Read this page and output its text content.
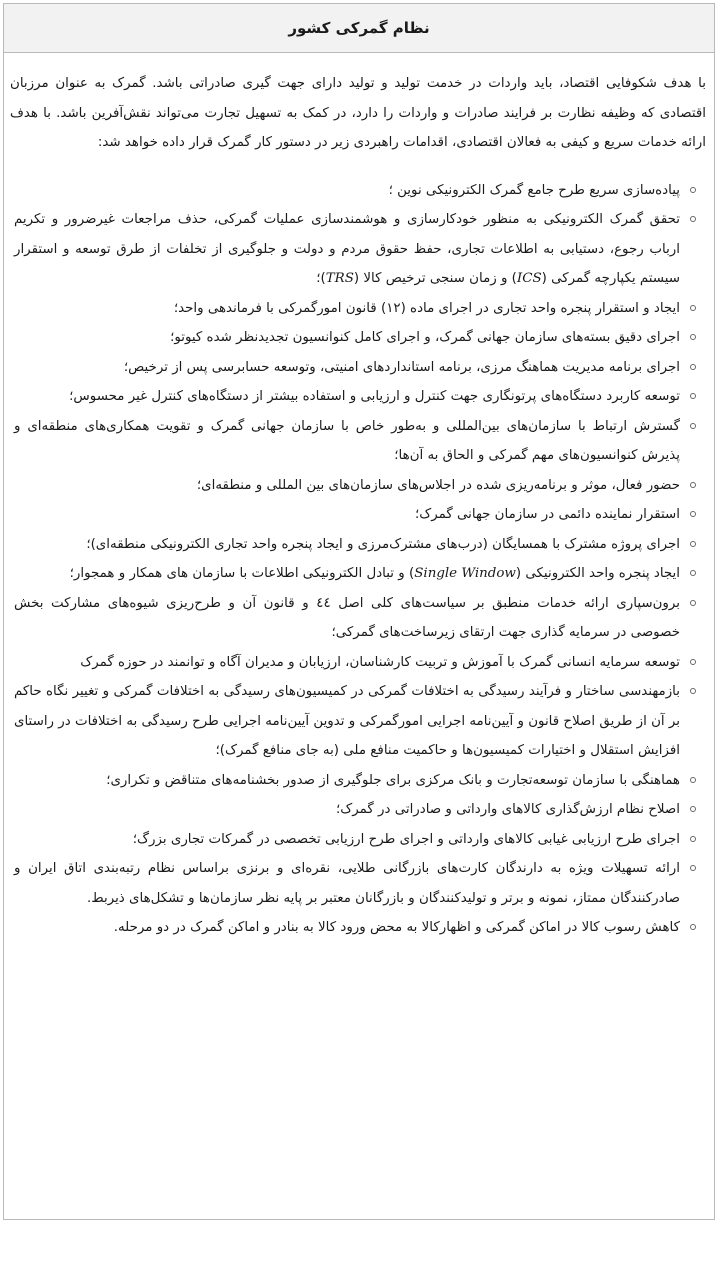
نظام گمرکی کشور

با هدف شکوفایی اقتصاد، باید واردات در خدمت تولید و تولید دارای جهت گیری صادراتی باشد. گمرک به عنوان مرزبان اقتصادی که وظیفه نظارت بر فرایند صادرات و واردات را دارد، در کمک به تسهیل تجارت می‌تواند نقش‌آفرین باشد. با هدف ارائه خدمات سریع و کیفی به فعالان اقتصادی، اقدامات راهبردی زیر در دستور کار گمرک قرار داده خواهد شد:

پیاده‌سازی سریع طرح جامع گمرک الکترونیکی نوین ؛
تحقق گمرک الکترونیکی به منظور خودکارسازی و هوشمندسازی عملیات گمرکی، حذف مراجعات غیرضرور و تکریم ارباب رجوع، دستیابی به اطلاعات تجاری، حفظ حقوق مردم و دولت و جلوگیری از تخلفات از طرق توسعه و استقرار سیستم یکپارچه گمرکی (ICS) و زمان سنجی ترخیص کالا (TRS)؛
ایجاد و استقرار پنجره واحد تجاری در اجرای ماده (۱۲) قانون امورگمرکی با فرماندهی واحد؛
اجرای دقیق بسته‌های سازمان جهانی گمرک، و اجرای کامل کنوانسیون تجدیدنظر شده کیوتو؛
اجرای برنامه مدیریت هماهنگ مرزی، برنامه استانداردهای امنیتی، وتوسعه حسابرسی پس از ترخیص؛
توسعه کاربرد دستگاه‌های پرتونگاری جهت کنترل و ارزیابی و استفاده بیشتر از دستگاه‌های کنترل غیر محسوس؛
گسترش ارتباط با سازمان‌های بین‌المللی و به‌طور خاص با سازمان جهانی گمرک و تقویت همکاری‌های منطقه‌ای و پذیرش کنوانسیون‌های مهم گمرکی و الحاق به آن‌ها؛
حضور فعال، موثر و برنامه‌ریزی شده در اجلاس‌های سازمان‌های بین المللی و منطقه‌ای؛
استقرار نماینده دائمی در سازمان جهانی گمرک؛
اجرای پروژه مشترک با همسایگان (درب‌های مشترک‌مرزی و ایجاد پنجره واحد تجاری الکترونیکی منطقه‌ای)؛
ایجاد پنجره واحد الکترونیکی (Single Window) و تبادل الکترونیکی اطلاعات با سازمان های همکار و همجوار؛
برون‌سپاری ارائه خدمات منطبق بر سیاست‌های کلی اصل ٤٤ و قانون آن و طرح‌ریزی شیوه‌های مشارکت بخش خصوصی در سرمایه گذاری جهت ارتقای زیرساخت‌های گمرکی؛
توسعه سرمایه انسانی گمرک با آموزش و تربیت کارشناسان، ارزیابان و مدیران آگاه و توانمند در حوزه گمرک
بازمهندسی ساختار و فرآیند رسیدگی به اختلافات گمرکی در کمیسیون‌های رسیدگی به اختلافات گمرکی و تغییر نگاه حاکم بر آن از طریق اصلاح قانون و آیین‌نامه اجرایی امورگمرکی و تدوین آیین‌نامه اجرایی طرح رسیدگی به اختلافات در راستای افزایش استقلال و اختیارات کمیسیون‌ها و حاکمیت منافع ملی (به جای منافع گمرک)؛
هماهنگی با سازمان توسعه‌تجارت و بانک مرکزی برای جلوگیری از صدور بخشنامه‌های متناقض و تکراری؛
اصلاح نظام ارزش‌گذاری کالاهای وارداتی و صادراتی در گمرک؛
اجرای طرح ارزیابی غیابی کالاهای وارداتی و اجرای طرح ارزیابی تخصصی در گمرکات تجاری بزرگ؛
ارائه تسهیلات ویژه به دارندگان کارت‌های بازرگانی طلایی، نقره‌ای و برنزی براساس نظام رتبه‌بندی اتاق ایران و صادرکنندگان ممتاز، نمونه و برتر و تولیدکنندگان و بازرگانان معتبر بر پایه نظر سازمان‌ها و تشکل‌های ذیربط.
کاهش رسوب کالا در اماکن گمرکی و اظهارکالا به محض ورود کالا به بنادر و اماکن گمرک در دو مرحله.
